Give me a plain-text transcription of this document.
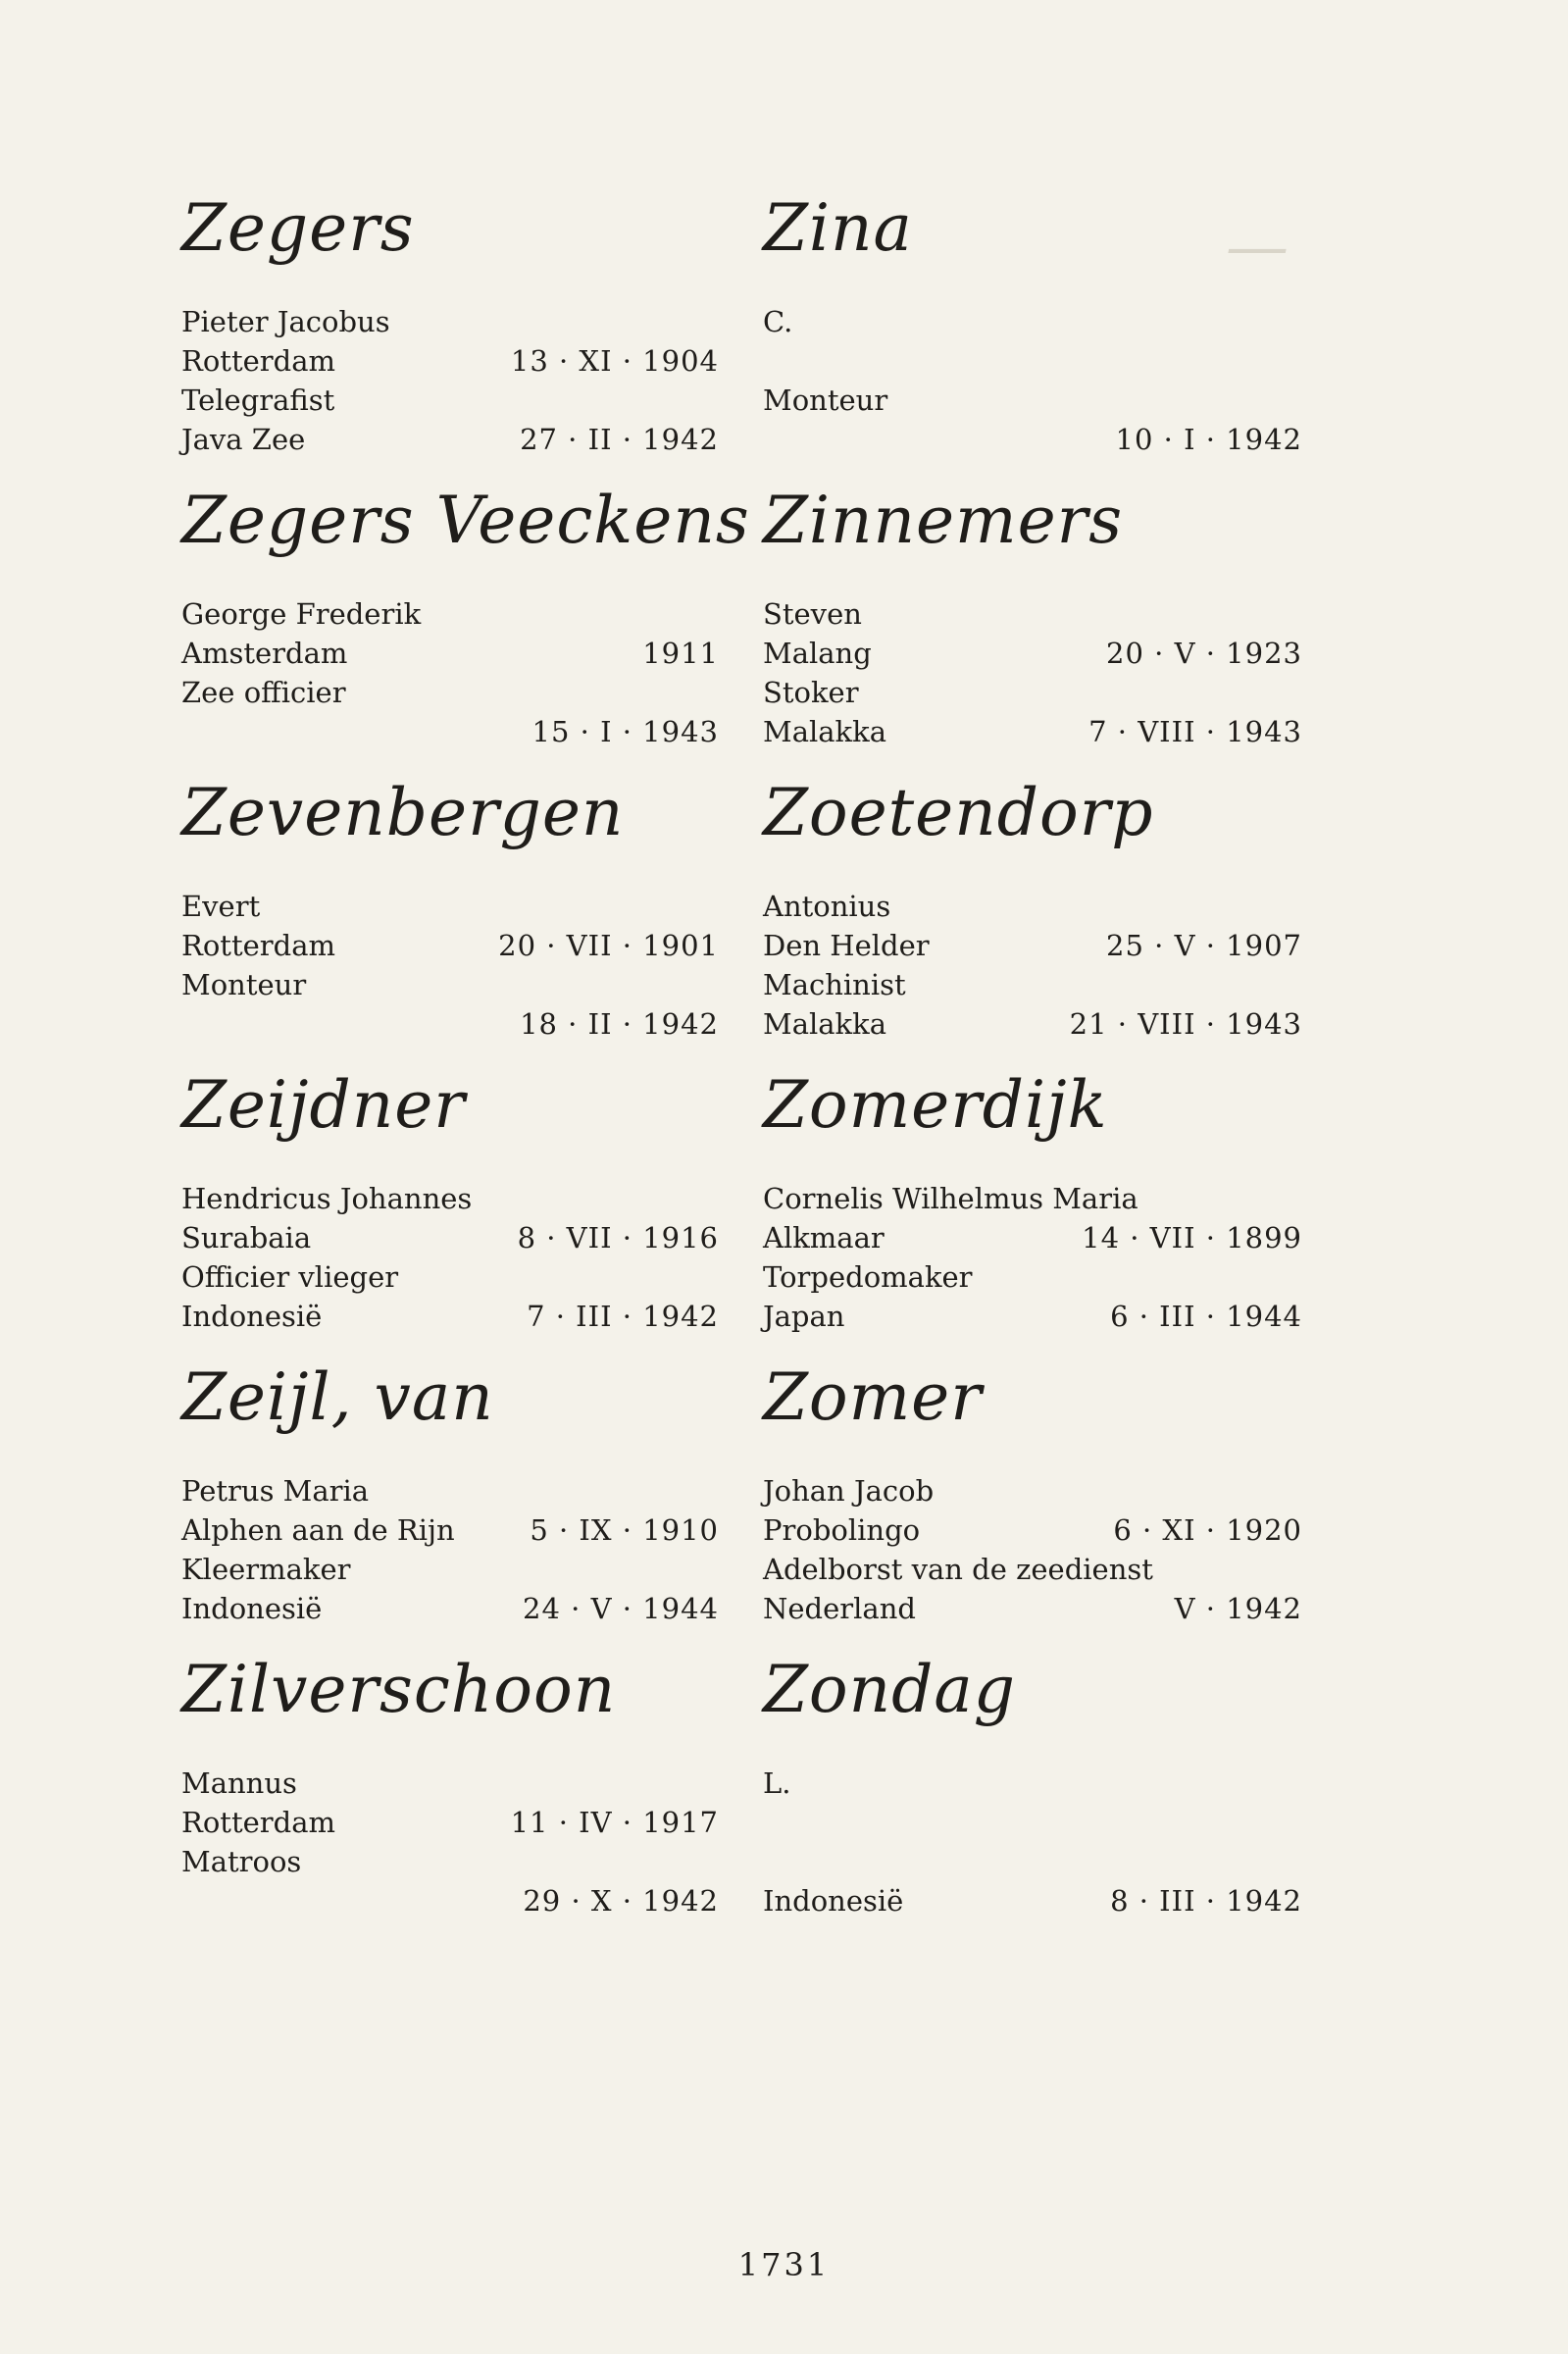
—
Zegers
Pieter Jacobus
Rotterdam	13 · XI · 1904
Telegrafist
Java Zee	27 · II · 1942
Zegers Veeckens
George Frederik
Amsterdam	1911
Zee officier
15 · I · 1943
Zevenbergen
Evert
Rotterdam	20 · VII · 1901
Monteur
18 · II · 1942
Zeijdner
Hendricus Johannes
Surabaia	8 · VII · 1916
Officier vlieger
Indonesië	7 · III · 1942
Zeijl, van
Petrus Maria
Alphen aan de Rijn	5 · IX · 1910
Kleermaker
Indonesië	24 · V · 1944
Zilverschoon
Mannus
Rotterdam	11 · IV · 1917
Matroos
29 · X · 1942
Zina
C.
Monteur
10 · I · 1942
Zinnemers
Steven
Malang	20 · V · 1923
Stoker
Malakka	7 · VIII · 1943
Zoetendorp
Antonius
Den Helder	25 · V · 1907
Machinist
Malakka	21 · VIII · 1943
Zomerdijk
Cornelis Wilhelmus Maria
Alkmaar	14 · VII · 1899
Torpedomaker
Japan	6 · III · 1944
Zomer
Johan Jacob
Probolingo	6 · XI · 1920
Adelborst van de zeedienst
Nederland	V · 1942
Zondag
L.
Indonesië	8 · III · 1942
1731
